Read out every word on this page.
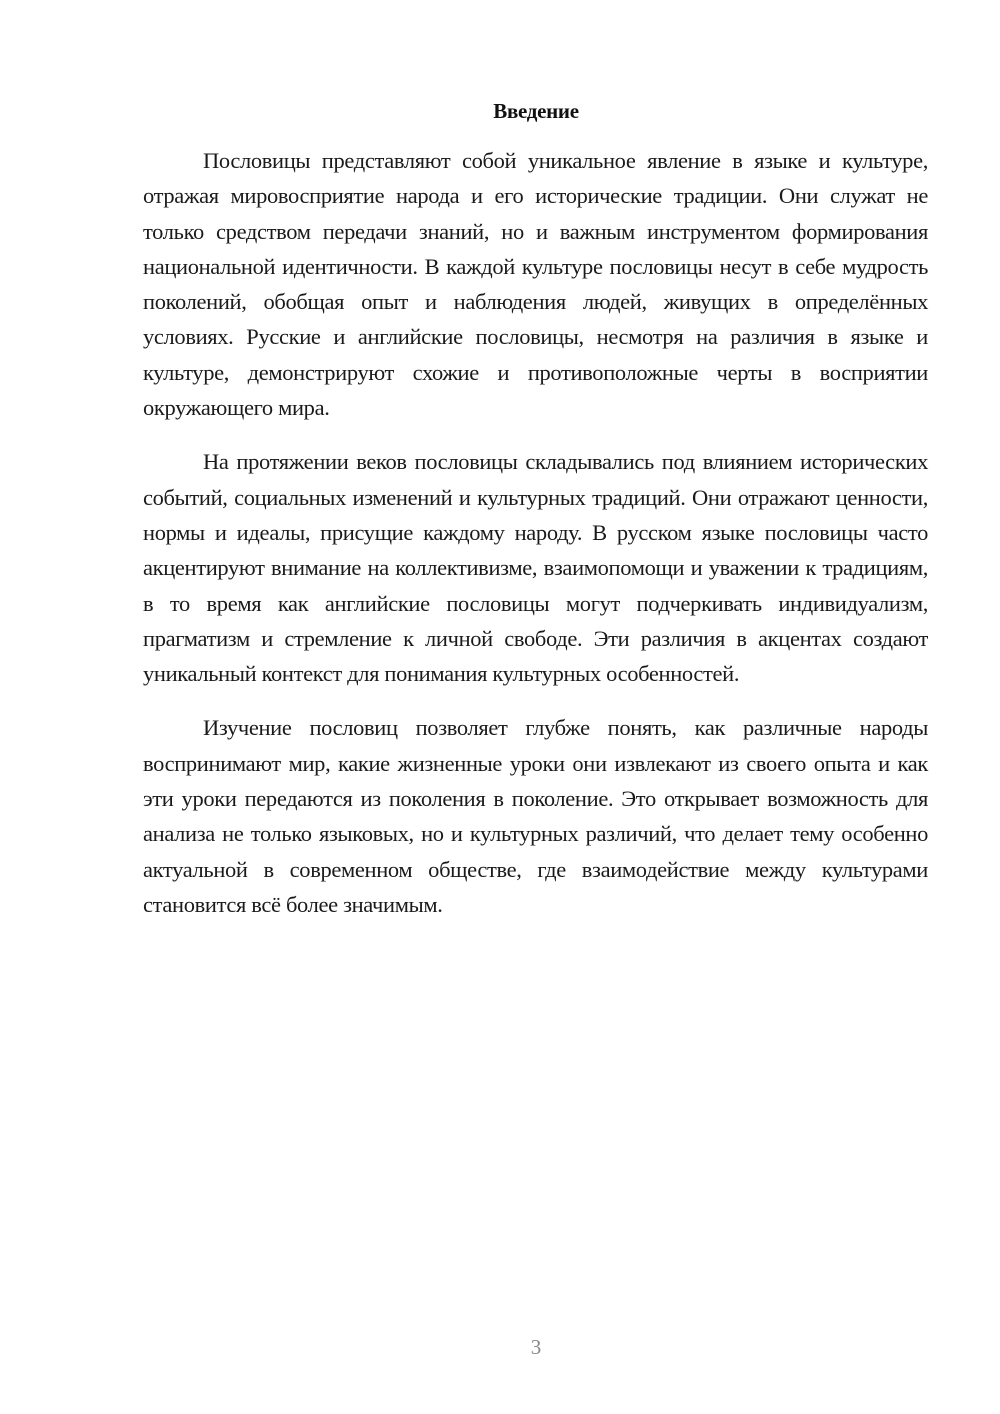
Введение

Пословицы представляют собой уникальное явление в языке и культуре, отражая мировосприятие народа и его исторические традиции. Они служат не только средством передачи знаний, но и важным инструментом формирования национальной идентичности. В каждой культуре пословицы несут в себе мудрость поколений, обобщая опыт и наблюдения людей, живущих в определённых условиях. Русские и английские пословицы, несмотря на различия в языке и культуре, демонстрируют схожие и противоположные черты в восприятии окружающего мира.

На протяжении веков пословицы складывались под влиянием исторических событий, социальных изменений и культурных традиций. Они отражают ценности, нормы и идеалы, присущие каждому народу. В русском языке пословицы часто акцентируют внимание на коллективизме, взаимопомощи и уважении к традициям, в то время как английские пословицы могут подчеркивать индивидуализм, прагматизм и стремление к личной свободе. Эти различия в акцентах создают уникальный контекст для понимания культурных особенностей.

Изучение пословиц позволяет глубже понять, как различные народы воспринимают мир, какие жизненные уроки они извлекают из своего опыта и как эти уроки передаются из поколения в поколение. Это открывает возможность для анализа не только языковых, но и культурных различий, что делает тему особенно актуальной в современном обществе, где взаимодействие между культурами становится всё более значимым.

3
